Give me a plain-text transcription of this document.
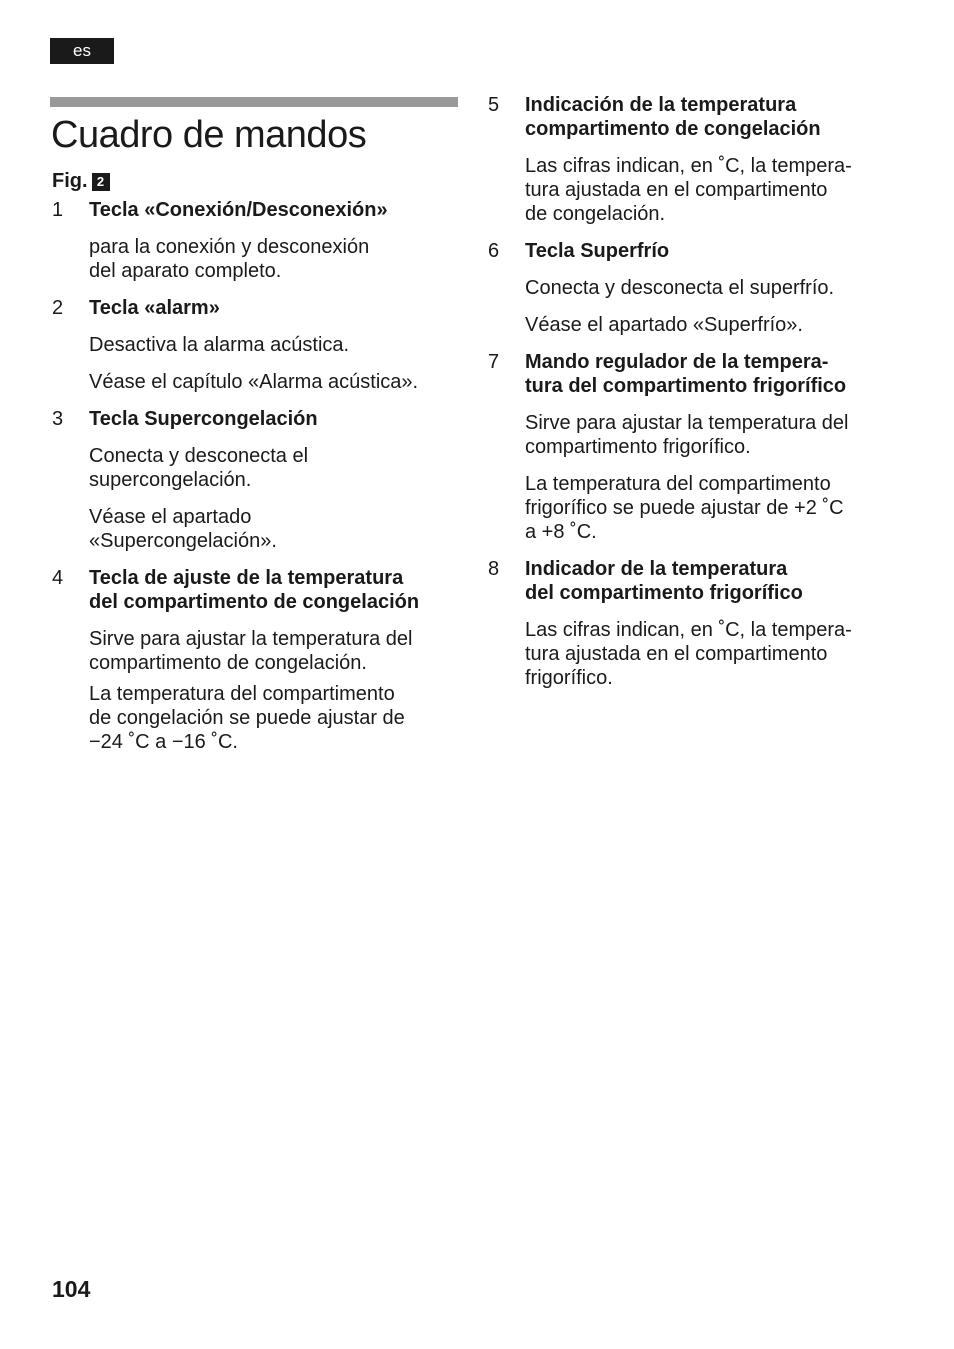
es
Cuadro de mandos
Fig. 2
1 Tecla «Conexión/Desconexión»
para la conexión y desconexión
del aparato completo.
2 Tecla «alarm»
Desactiva la alarma acústica.
Véase el capítulo «Alarma acústica».
3 Tecla Supercongelación
Conecta y desconecta el
supercongelación.
Véase el apartado
«Supercongelación».
4 Tecla de ajuste de la temperatura
del compartimento de congelación
Sirve para ajustar la temperatura del
compartimento de congelación.
La temperatura del compartimento
de congelación se puede ajustar de
−24 ˚C a −16 ˚C.
5 Indicación de la temperatura
compartimento de congelación
Las cifras indican, en ˚C, la tempera-
tura ajustada en el compartimento
de congelación.
6 Tecla Superfrío
Conecta y desconecta el superfrío.
Véase el apartado «Superfrío».
7 Mando regulador de la tempera-
tura del compartimento frigorífico
Sirve para ajustar la temperatura del
compartimento frigorífico.
La temperatura del compartimento
frigorífico se puede ajustar de +2 ˚C
a +8 ˚C.
8 Indicador de la temperatura
del compartimento frigorífico
Las cifras indican, en ˚C, la tempera-
tura ajustada en el compartimento
frigorífico.
104
